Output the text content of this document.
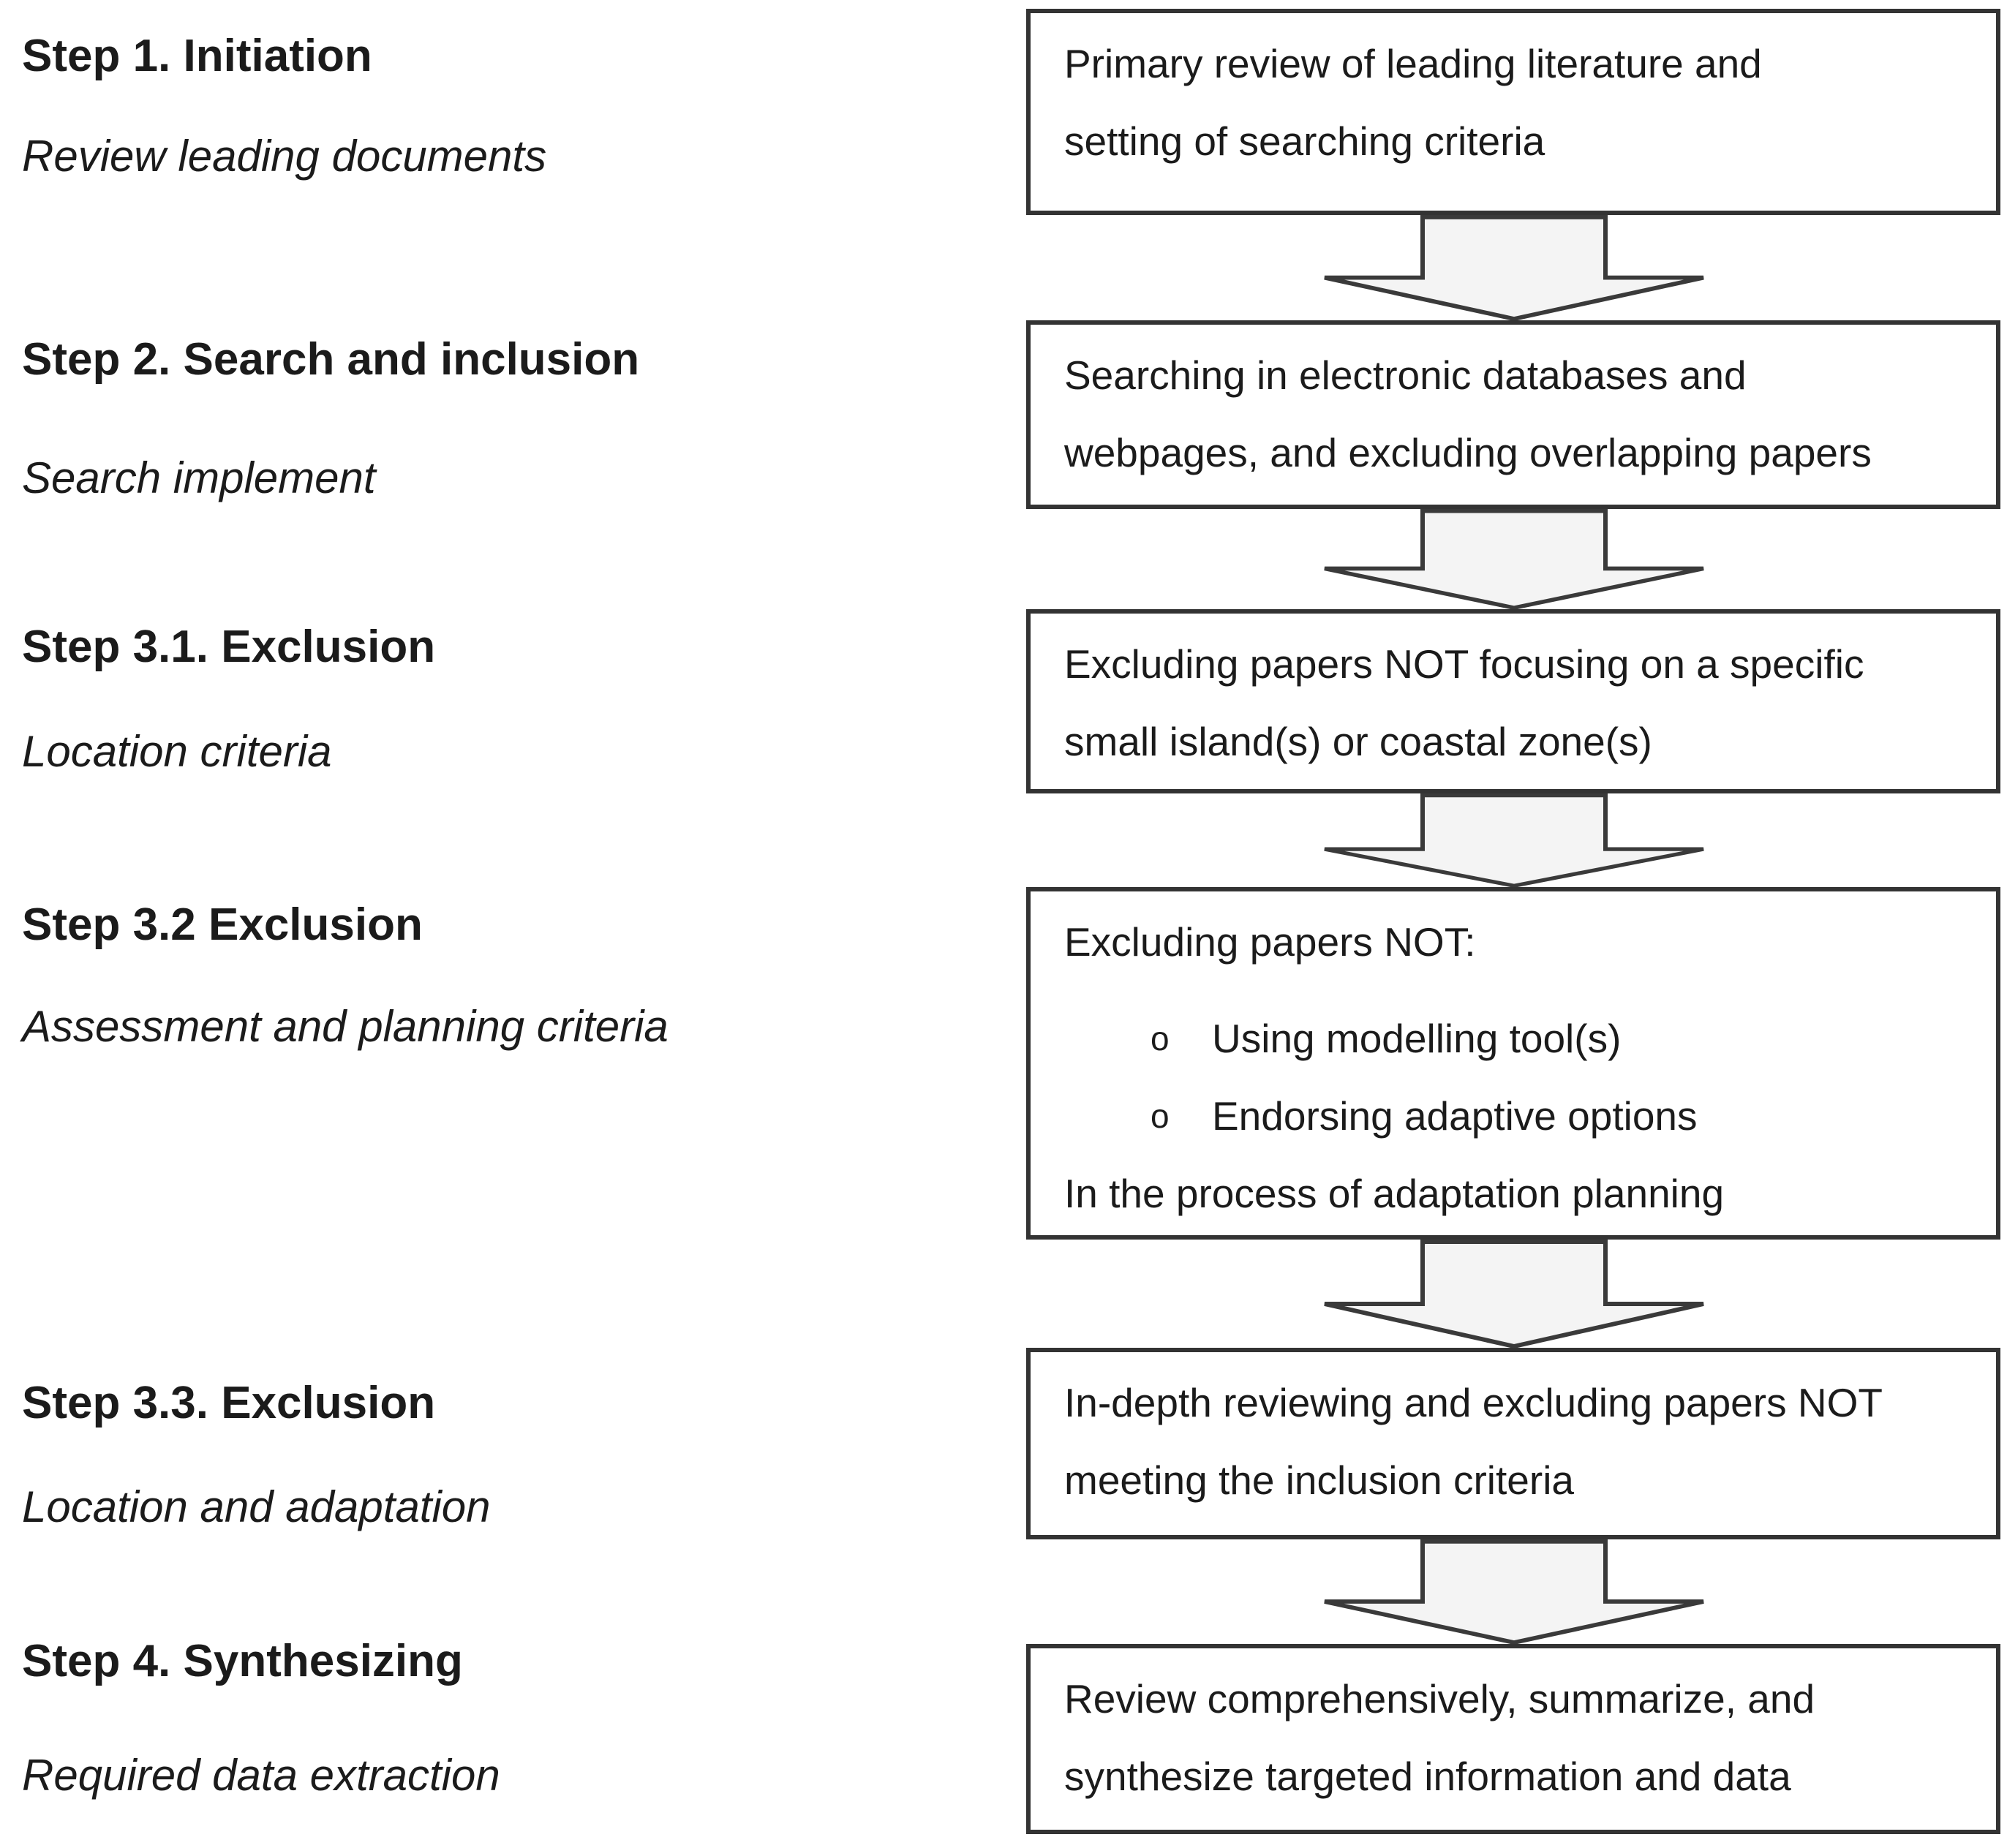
Step 1. Initiation
Review leading documents
Step 2. Search and inclusion
Search implement
Step 3.1. Exclusion
Location criteria
Step 3.2 Exclusion
Assessment and planning criteria
Step 3.3. Exclusion
Location and adaptation
Step 4. Synthesizing
Required data extraction
Primary review of leading literature and
setting of searching criteria
Searching in electronic databases and
webpages, and excluding overlapping papers
Excluding papers NOT focusing on a specific
small island(s) or coastal zone(s)
Excluding papers NOT:
o	Using modelling tool(s)
o	Endorsing adaptive options
In the process of adaptation planning
In-depth reviewing and excluding papers NOT
meeting the inclusion criteria
Review comprehensively, summarize, and
synthesize targeted information and data
